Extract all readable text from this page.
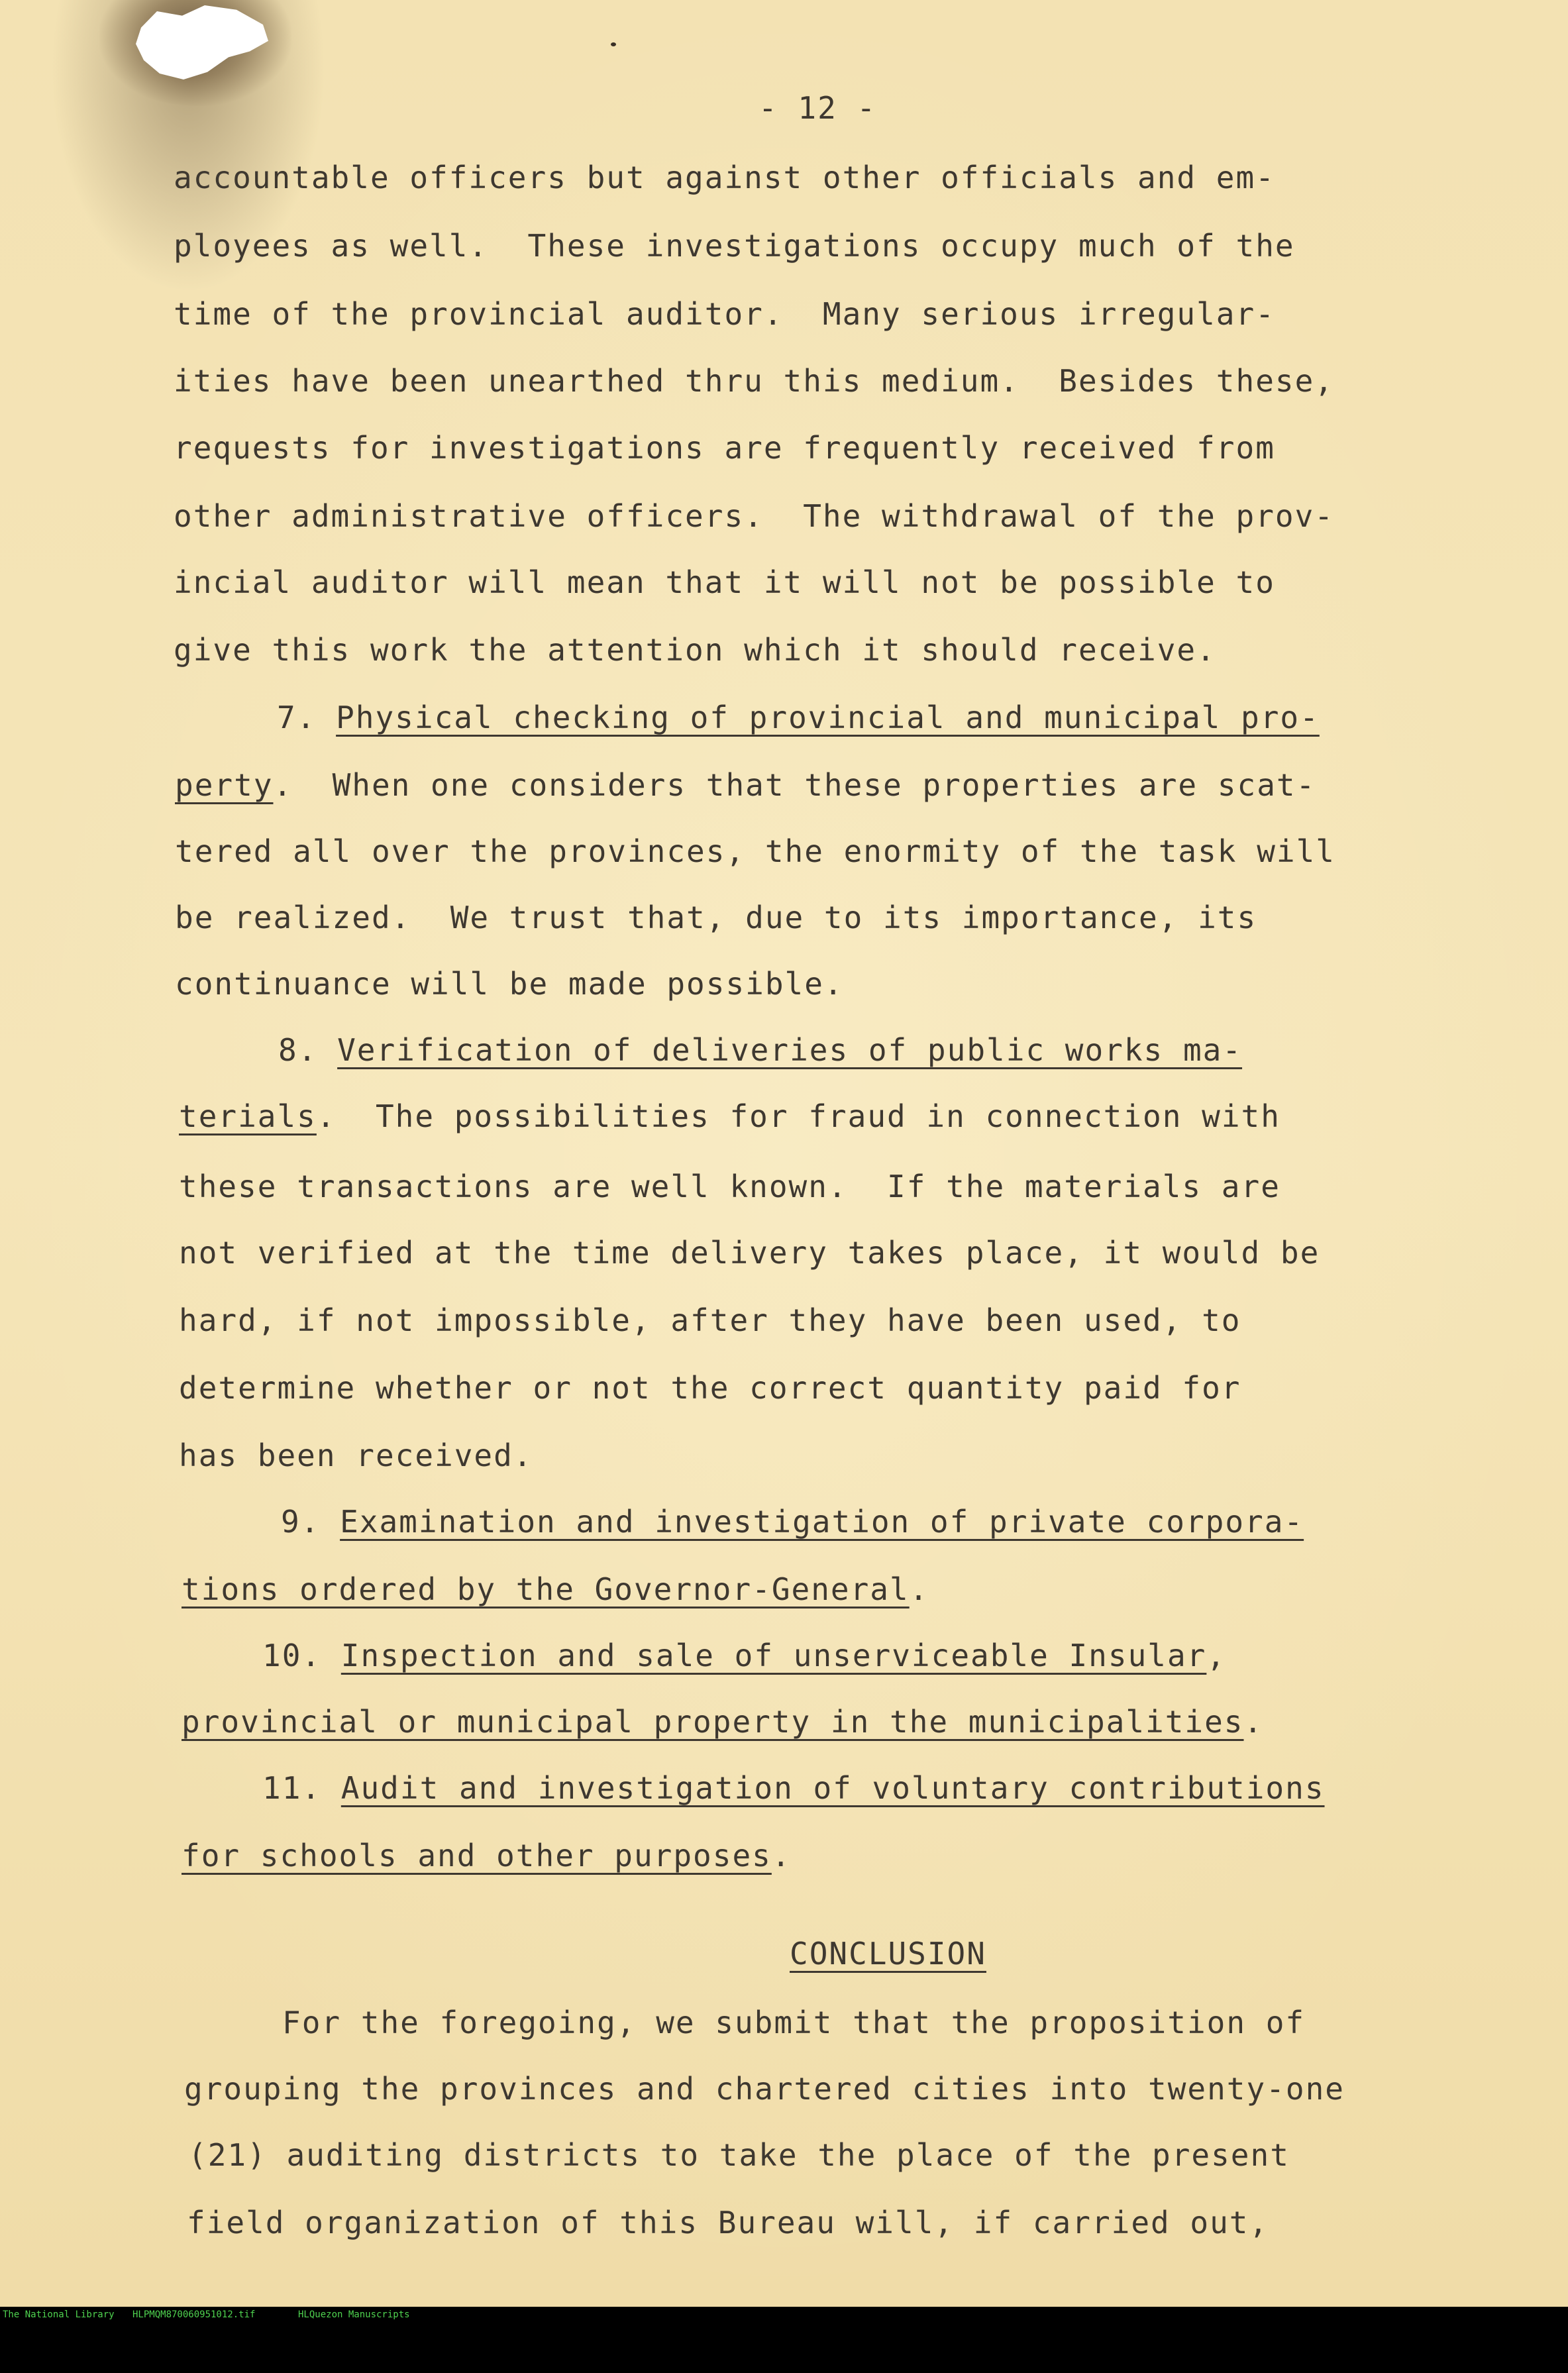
- 12 -
accountable officers but against other officials and em-
ployees as well.  These investigations occupy much of the
time of the provincial auditor.  Many serious irregular-
ities have been unearthed thru this medium.  Besides these,
requests for investigations are frequently received from
other administrative officers.  The withdrawal of the prov-
incial auditor will mean that it will not be possible to
give this work the attention which it should receive.
7. Physical checking of provincial and municipal pro-
perty.  When one considers that these properties are scat-
tered all over the provinces, the enormity of the task will
be realized.  We trust that, due to its importance, its
continuance will be made possible.
8. Verification of deliveries of public works ma-
terials.  The possibilities for fraud in connection with
these transactions are well known.  If the materials are
not verified at the time delivery takes place, it would be
hard, if not impossible, after they have been used, to
determine whether or not the correct quantity paid for
has been received.
9. Examination and investigation of private corpora-
tions ordered by the Governor-General.
10. Inspection and sale of unserviceable Insular,
provincial or municipal property in the municipalities.
11. Audit and investigation of voluntary contributions
for schools and other purposes.
CONCLUSION
For the foregoing, we submit that the proposition of
grouping the provinces and chartered cities into twenty-one
(21) auditing districts to take the place of the present
field organization of this Bureau will, if carried out,

The National Library

HLPMQM870060951012.tif

	HLQuezon Manuscripts
